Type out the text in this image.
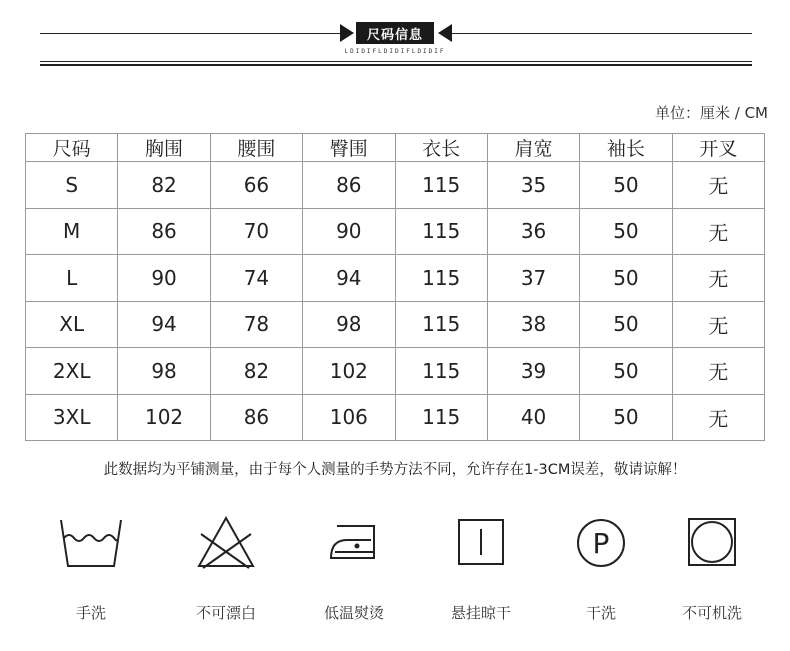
尺码信息
LDIDIFLDIDIFLDIDIF
单位：厘米 / CM
尺码	胸围	腰围	臀围	衣长	肩宽	袖长	开叉
S	82	66	86	115	35	50	无
M	86	70	90	115	36	50	无
L	90	74	94	115	37	50	无
XL	94	78	98	115	38	50	无
2XL	98	82	102	115	39	50	无
3XL	102	86	106	115	40	50	无
此数据均为平铺测量，由于每个人测量的手势方法不同，允许存在1-3CM误差，敬请谅解！
手洗	不可漂白	低温熨烫	悬挂晾干
P
干洗	不可机洗
